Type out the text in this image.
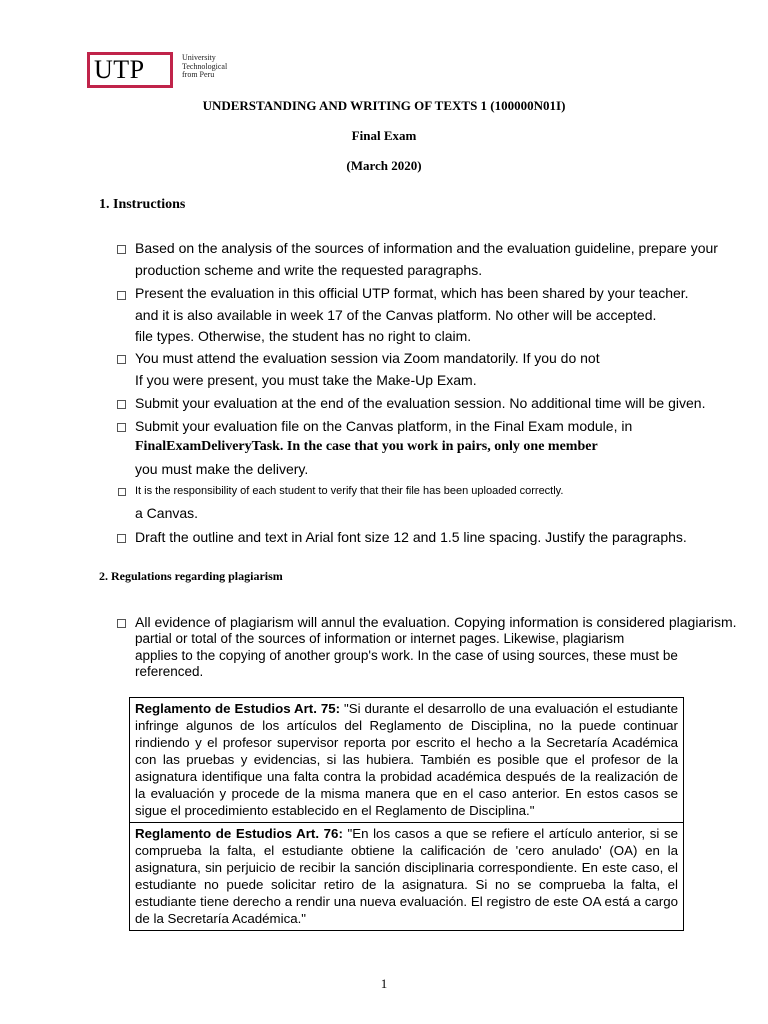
UTP	University Technological from Peru
UNDERSTANDING AND WRITING OF TEXTS 1 (100000N01I)
Final Exam
(March 2020)
1. Instructions
Based on the analysis of the sources of information and the evaluation guideline, prepare your
production scheme and write the requested paragraphs.
Present the evaluation in this official UTP format, which has been shared by your teacher.
and it is also available in week 17 of the Canvas platform. No other will be accepted.
file types. Otherwise, the student has no right to claim.
You must attend the evaluation session via Zoom mandatorily. If you do not
If you were present, you must take the Make-Up Exam.
Submit your evaluation at the end of the evaluation session. No additional time will be given.
Submit your evaluation file on the Canvas platform, in the Final Exam module, in
FinalExamDeliveryTask. In the case that you work in pairs, only one member
you must make the delivery.
It is the responsibility of each student to verify that their file has been uploaded correctly.
a Canvas.
Draft the outline and text in Arial font size 12 and 1.5 line spacing. Justify the paragraphs.
2. Regulations regarding plagiarism
All evidence of plagiarism will annul the evaluation. Copying information is considered plagiarism.
partial or total of the sources of information or internet pages. Likewise, plagiarism
applies to the copying of another group's work. In the case of using sources, these must be
referenced.
Reglamento de Estudios Art. 75: "Si durante el desarrollo de una evaluación el estudiante infringe algunos de los artículos del Reglamento de Disciplina, no la puede continuar rindiendo y el profesor supervisor reporta por escrito el hecho a la Secretaría Académica con las pruebas y evidencias, si las hubiera. También es posible que el profesor de la asignatura identifique una falta contra la probidad académica después de la realización de la evaluación y procede de la misma manera que en el caso anterior. En estos casos se sigue el procedimiento establecido en el Reglamento de Disciplina."
Reglamento de Estudios Art. 76: "En los casos a que se refiere el artículo anterior, si se comprueba la falta, el estudiante obtiene la calificación de 'cero anulado' (OA) en la asignatura, sin perjuicio de recibir la sanción disciplinaria correspondiente. En este caso, el estudiante no puede solicitar retiro de la asignatura. Si no se comprueba la falta, el estudiante tiene derecho a rendir una nueva evaluación. El registro de este OA está a cargo de la Secretaría Académica."
1
